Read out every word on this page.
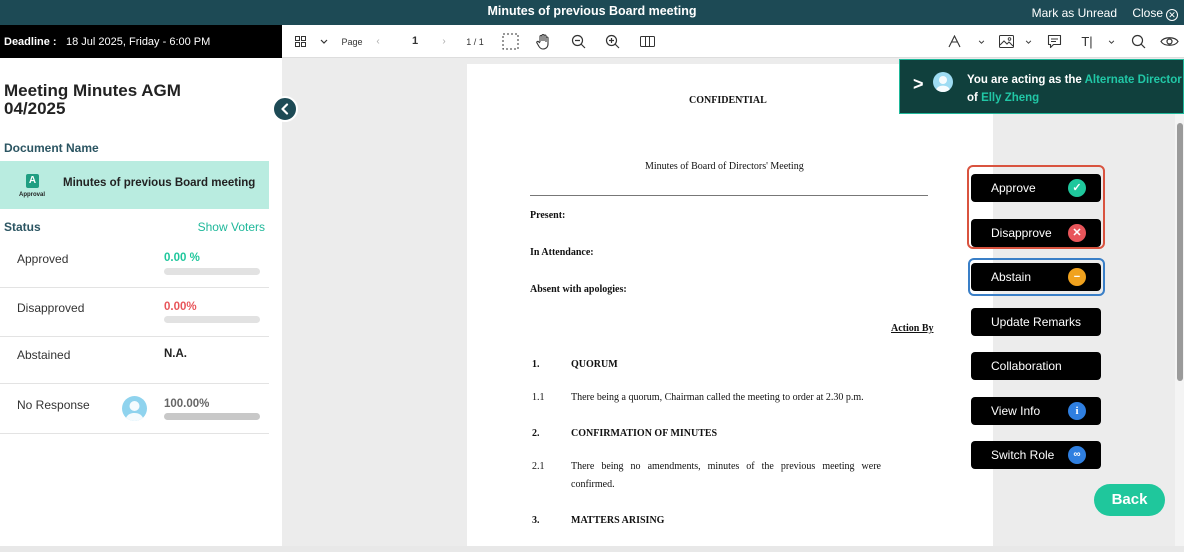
Minutes of previous Board meeting	Mark as Unread Close ✕
Deadline : 18 Jul 2025, Friday - 6:00 PM	Page	‹	1	›	1 / 1	T|
Meeting Minutes AGM 04/2025
Document Name
A
Approval
Minutes of previous Board meeting
Status	Show Voters
Approved	0.00 %
Disapproved	0.00%
Abstained	N.A.
No Response	100.00%
CONFIDENTIAL
Minutes of Board of Directors' Meeting
Present:
In Attendance:
Absent with apologies:
Action By
1.	QUORUM
1.1	There being a quorum, Chairman called the meeting to order at 2.30 p.m.
2.	CONFIRMATION OF MINUTES
2.1	There being no amendments, minutes of the previous meeting were
confirmed.
3.	MATTERS ARISING
>	You are acting as the Alternate Director
of Elly Zheng
Approve	✓
Disapprove	✕
Abstain	−
Update Remarks
Collaboration
View Info	i
Switch Role	∞
Back
